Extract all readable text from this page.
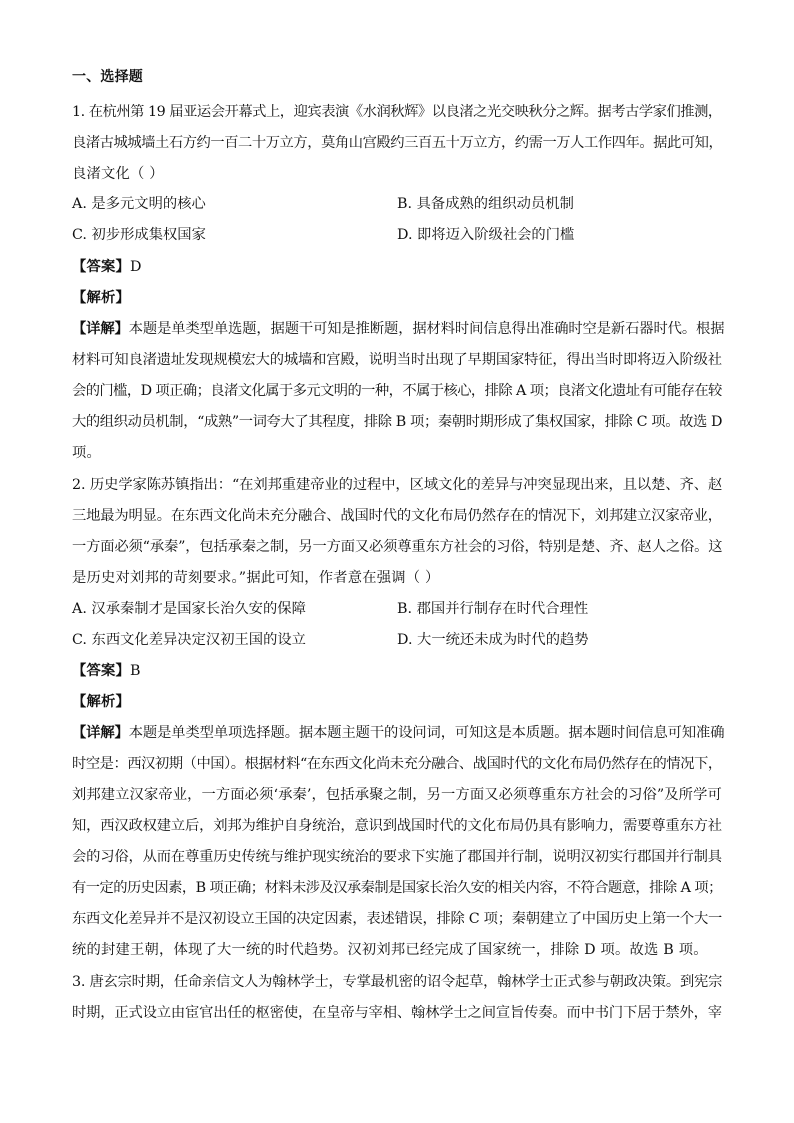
一、选择题
1. 在杭州第 19 届亚运会开幕式上，迎宾表演《水润秋辉》以良渚之光交映秋分之辉。据考古学家们推测，
良渚古城城墙土石方约一百二十万立方，莫角山宫殿约三百五十万立方，约需一万人工作四年。据此可知，
良渚文化（ ）
A. 是多元文明的核心	B. 具备成熟的组织动员机制
C. 初步形成集权国家	D. 即将迈入阶级社会的门槛
【答案】D
【解析】
【详解】本题是单类型单选题，据题干可知是推断题，据材料时间信息得出准确时空是新石器时代。根据
材料可知良渚遗址发现规模宏大的城墙和宫殿，说明当时出现了早期国家特征，得出当时即将迈入阶级社
会的门槛，D 项正确；良渚文化属于多元文明的一种，不属于核心，排除 A 项；良渚文化遗址有可能存在较
大的组织动员机制，“成熟”一词夸大了其程度，排除 B 项；秦朝时期形成了集权国家，排除 C 项。故选 D
项。
2. 历史学家陈苏镇指出：“在刘邦重建帝业的过程中，区域文化的差异与冲突显现出来，且以楚、齐、赵
三地最为明显。在东西文化尚未充分融合、战国时代的文化布局仍然存在的情况下，刘邦建立汉家帝业，
一方面必须“承秦”，包括承秦之制，另一方面又必须尊重东方社会的习俗，特别是楚、齐、赵人之俗。这
是历史对刘邦的苛刻要求。”据此可知，作者意在强调（ ）
A. 汉承秦制才是国家长治久安的保障	B. 郡国并行制存在时代合理性
C. 东西文化差异决定汉初王国的设立	D. 大一统还未成为时代的趋势
【答案】B
【解析】
【详解】本题是单类型单项选择题。据本题主题干的设问词，可知这是本质题。据本题时间信息可知准确
时空是：西汉初期（中国）。根据材料“在东西文化尚未充分融合、战国时代的文化布局仍然存在的情况下，
刘邦建立汉家帝业，一方面必须‘承秦’，包括承聚之制，另一方面又必须尊重东方社会的习俗”及所学可
知，西汉政权建立后，刘邦为维护自身统治，意识到战国时代的文化布局仍具有影响力，需要尊重东方社
会的习俗，从而在尊重历史传统与维护现实统治的要求下实施了郡国并行制，说明汉初实行郡国并行制具
有一定的历史因素，B 项正确；材料未涉及汉承秦制是国家长治久安的相关内容，不符合题意，排除 A 项；
东西文化差异并不是汉初设立王国的决定因素，表述错误，排除 C 项；秦朝建立了中国历史上第一个大一
统的封建王朝，体现了大一统的时代趋势。汉初刘邦已经完成了国家统一，排除 D 项。故选 B 项。
3. 唐玄宗时期，任命亲信文人为翰林学士，专掌最机密的诏令起草，翰林学士正式参与朝政决策。到宪宗
时期，正式设立由宦官出任的枢密使，在皇帝与宰相、翰林学士之间宣旨传奏。而中书门下居于禁外，宰
